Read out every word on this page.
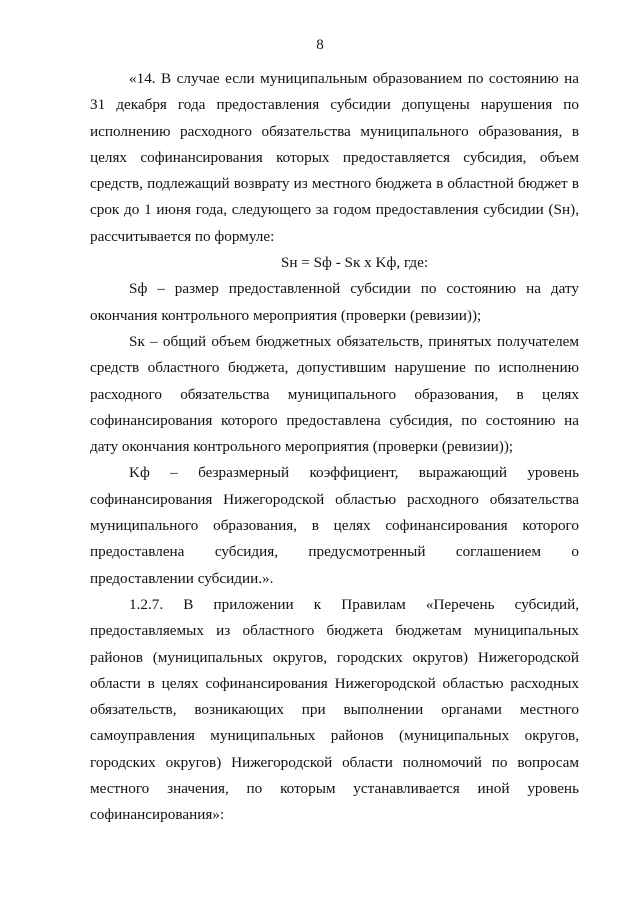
8

«14. В случае если муниципальным образованием по состоянию на 31 декабря года предоставления субсидии допущены нарушения по исполнению расходного обязательства муниципального образования, в целях софинансирования которых предоставляется субсидия, объем средств, подлежащий возврату из местного бюджета в областной бюджет в срок до 1 июня года, следующего за годом предоставления субсидии (Sн), рассчитывается по формуле:

Sн = Sф - Sк x Kф, где:

Sф – размер предоставленной субсидии по состоянию на дату окончания контрольного мероприятия (проверки (ревизии));

Sк – общий объем бюджетных обязательств, принятых получателем средств областного бюджета, допустившим нарушение по исполнению расходного обязательства муниципального образования, в целях софинансирования которого предоставлена субсидия, по состоянию на дату окончания контрольного мероприятия (проверки (ревизии));

Kф – безразмерный коэффициент, выражающий уровень софинансирования Нижегородской областью расходного обязательства муниципального образования, в целях софинансирования которого предоставлена субсидия, предусмотренный соглашением о предоставлении субсидии.».

1.2.7. В приложении к Правилам «Перечень субсидий, предоставляемых из областного бюджета бюджетам муниципальных районов (муниципальных округов, городских округов) Нижегородской области в целях софинансирования Нижегородской областью расходных обязательств, возникающих при выполнении органами местного самоуправления муниципальных районов (муниципальных округов, городских округов) Нижегородской области полномочий по вопросам местного значения, по которым устанавливается иной уровень софинансирования»:
